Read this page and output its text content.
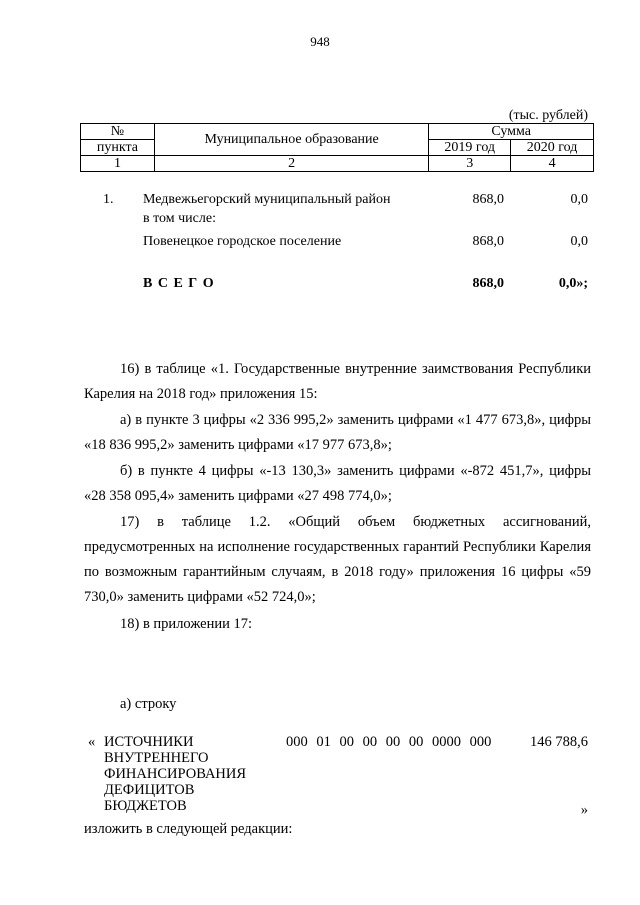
948
(тыс. рублей)
№	Муниципальное образование	Сумма	
пункта		2019 год	2020 год
1	2	3	4
1. Медвежьегорский муниципальный район	868,0	0,0
в том числе:
Повенецкое городское поселение	868,0	0,0
В С Е Г О	868,0	0,0»;

16) в таблице «1. Государственные внутренние заимствования Республики Карелия на 2018 год» приложения 15:

а) в пункте 3 цифры «2 336 995,2» заменить цифрами «1 477 673,8», цифры «18 836 995,2» заменить цифрами «17 977 673,8»;

б) в пункте 4 цифры «-13 130,3» заменить цифрами «-872 451,7», цифры «28 358 095,4» заменить цифрами «27 498 774,0»;

17) в таблице 1.2. «Общий объем бюджетных ассигнований, предусмотренных на исполнение государственных гарантий Республики Карелия по возможным гарантийным случаям, в 2018 году» приложения 16 цифры «59 730,0» заменить цифрами «52 724,0»;

18) в приложении 17:

а) строку

« ИСТОЧНИКИ
ВНУТРЕННЕГО
ФИНАНСИРОВАНИЯ
ДЕФИЦИТОВ
БЮДЖЕТОВ
000 01 00 00 00 00 0000 000	146 788,6
»
изложить в следующей редакции:
